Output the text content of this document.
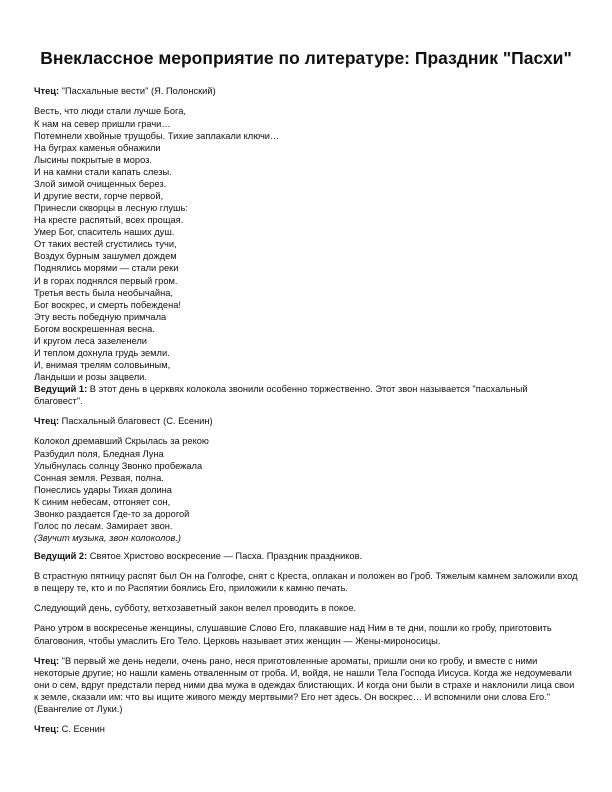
Внеклассное мероприятие по литературе: Праздник "Пасхи"

Чтец: "Пасхальные вести" (Я. Полонский)

Весть, что люди стали лучше Бога,
К нам на север пришли грачи…
Потемнели хвойные трущобы. Тихие заплакали ключи…
На буграх каменья обнажили
Лысины покрытые в мороз.
И на камни стали капать слезы.
Злой зимой очищенных берез.
И другие вести, горче первой,
Принесли скворцы в лесную глушь:
На кресте распятый, всех прощая.
Умер Бог, спаситель наших душ.
От таких вестей сгустились тучи,
Воздух бурным зашумел дождем
Поднялись морями — стали реки
И в горах поднялся первый гром.
Третья весть была необычайна,
Бог воскрес, и смерть побеждена!
Эту весть победную примчала
Богом воскрешенная весна.
И кругом леса зазеленели
И теплом дохнула грудь земли.
И, внимая трелям соловьиным,
Ландыши и розы зацвели.

Ведущий 1: В этот день в церквях колокола звонили особенно торжественно. Этот звон называется "пасхальный благовест".

Чтец: Пасхальный благовест (С. Есенин)

Колокол дремавший Скрылась за рекою
Разбудил поля, Бледная Луна
Улыбнулась солнцу Звонко пробежала
Сонная земля. Резвая, полна.
Понеслись удары Тихая долина
К синим небесам, отгоняет сон,
Звонко раздается Где-то за дорогой
Голос по лесам. Замирает звон.
(Звучит музыка, звон колоколов.)

Ведущий 2: Святое Христово воскресение — Пасха. Праздник праздников.

В страстную пятницу распят был Он на Голгофе, снят с Креста, оплакан и положен во Гроб. Тяжелым камнем заложили вход в пещеру те, кто и по Распятии боялись Его, приложили к камню печать.

Следующий день, субботу, ветхозаветный закон велел проводить в покое.

Рано утром в воскресенье женщины, слушавшие Слово Его, плакавшие над Ним в те дни, пошли ко гробу, приготовить благовония, чтобы умаслить Его Тело. Церковь называет этих женщин — Жены-мироносицы.

Чтец: "В первый же день недели, очень рано, неся приготовленные ароматы, пришли они ко гробу, и вместе с ними некоторые другие; но нашли камень отваленным от гроба. И, войдя, не нашли Тела Господа Иисуса. Когда же недоумевали они о сем, вдруг предстали перед ними два мужа в одеждах блистающих. И когда они были в страхе и наклонили лица свои к земле, сказали им: что вы ищите живого между мертвыми? Его нет здесь. Он воскрес… И вспомнили они слова Его." (Евангелие от Луки.)

Чтец: С. Есенин
